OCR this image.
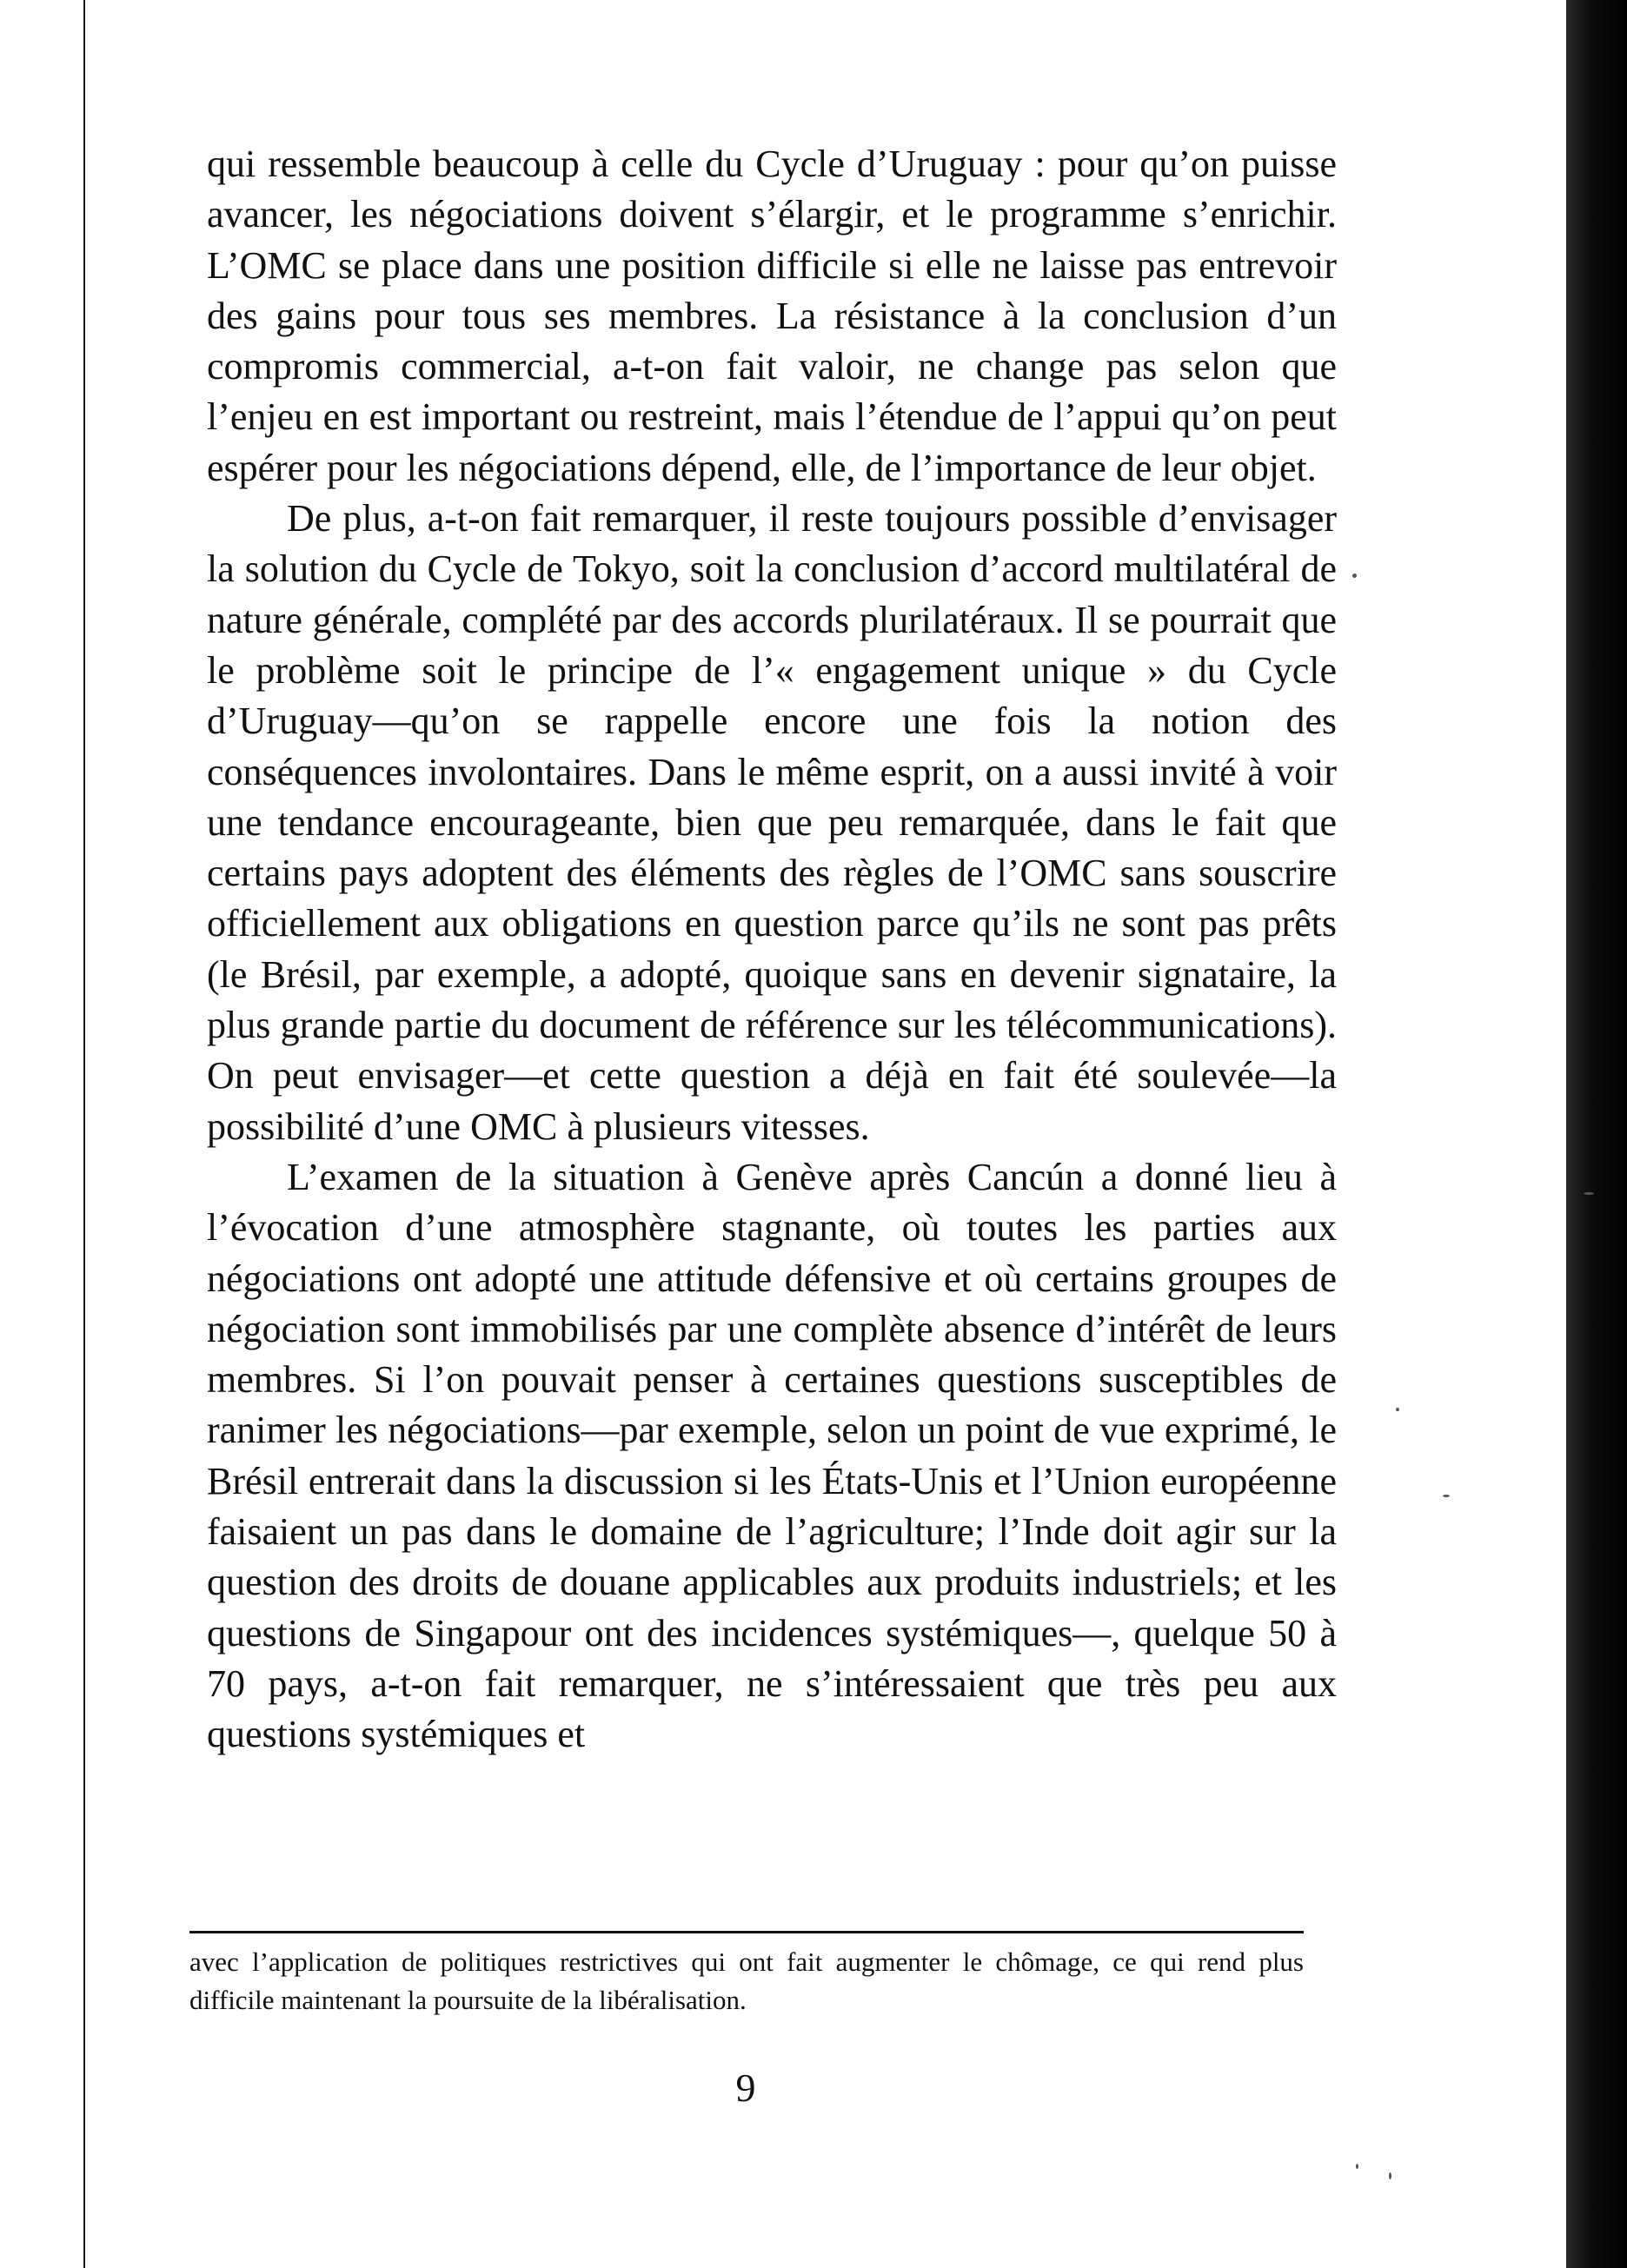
qui ressemble beaucoup à celle du Cycle d’Uruguay : pour qu’on puisse avancer, les négociations doivent s’élargir, et le programme s’enrichir. L’OMC se place dans une position difficile si elle ne laisse pas entrevoir des gains pour tous ses membres. La résistance à la conclusion d’un compromis commercial, a-t-on fait valoir, ne change pas selon que l’enjeu en est important ou restreint, mais l’étendue de l’appui qu’on peut espérer pour les négociations dépend, elle, de l’importance de leur objet.

De plus, a-t-on fait remarquer, il reste toujours possible d’envisager la solution du Cycle de Tokyo, soit la conclusion d’accord multilatéral de nature générale, complété par des accords plurilatéraux. Il se pourrait que le problème soit le principe de l’« engagement unique » du Cycle d’Uruguay—qu’on se rappelle encore une fois la notion des conséquences involontaires. Dans le même esprit, on a aussi invité à voir une tendance encourageante, bien que peu remarquée, dans le fait que certains pays adoptent des éléments des règles de l’OMC sans souscrire officiellement aux obligations en question parce qu’ils ne sont pas prêts (le Brésil, par exemple, a adopté, quoique sans en devenir signataire, la plus grande partie du document de référence sur les télécommunications). On peut envisager—et cette question a déjà en fait été soulevée—la possibilité d’une OMC à plusieurs vitesses.

L’examen de la situation à Genève après Cancún a donné lieu à l’évocation d’une atmosphère stagnante, où toutes les parties aux négociations ont adopté une attitude défensive et où certains groupes de négociation sont immobilisés par une complète absence d’intérêt de leurs membres. Si l’on pouvait penser à certaines questions susceptibles de ranimer les négociations—par exemple, selon un point de vue exprimé, le Brésil entrerait dans la discussion si les États-Unis et l’Union européenne faisaient un pas dans le domaine de l’agriculture; l’Inde doit agir sur la question des droits de douane applicables aux produits industriels; et les questions de Singapour ont des incidences systémiques—, quelque 50 à 70 pays, a-t-on fait remarquer, ne s’intéressaient que très peu aux questions systémiques et

avec l’application de politiques restrictives qui ont fait augmenter le chômage, ce qui rend plus difficile maintenant la poursuite de la libéralisation.
9
